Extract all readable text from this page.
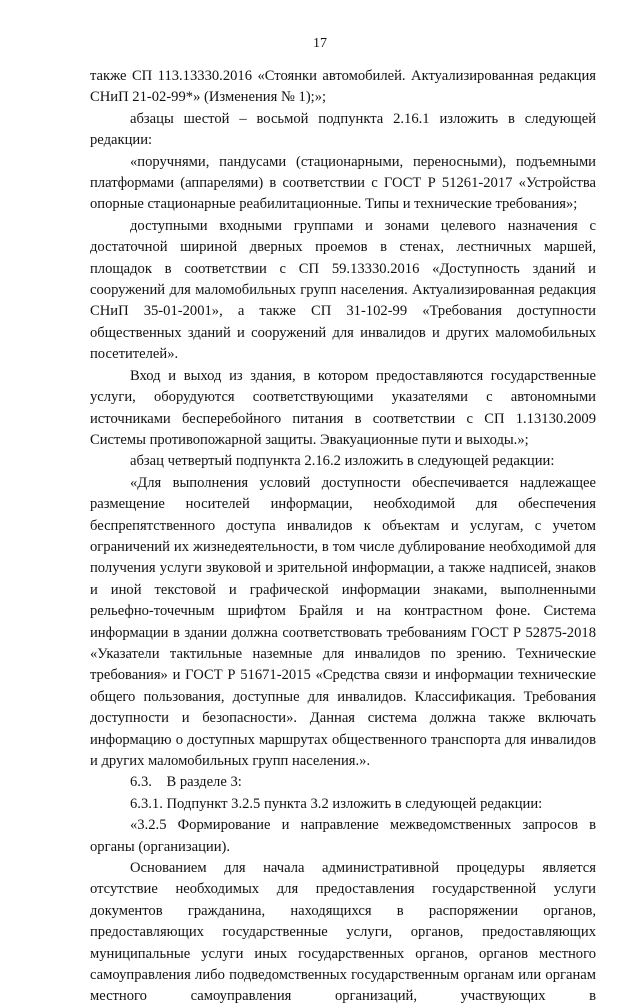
17

также СП 113.13330.2016 «Стоянки автомобилей. Актуализированная редакция СНиП 21-02-99*» (Изменения № 1);»;

абзацы шестой – восьмой подпункта 2.16.1 изложить в следующей редакции:

«поручнями, пандусами (стационарными, переносными), подъемными платформами (аппарелями) в соответствии с ГОСТ Р 51261-2017 «Устройства опорные стационарные реабилитационные. Типы и технические требования»;

доступными входными группами и зонами целевого назначения с достаточной шириной дверных проемов в стенах, лестничных маршей, площадок в соответствии с СП 59.13330.2016 «Доступность зданий и сооружений для маломобильных групп населения. Актуализированная редакция СНиП 35-01-2001», а также СП 31-102-99 «Требования доступности общественных зданий и сооружений для инвалидов и других маломобильных посетителей».

Вход и выход из здания, в котором предоставляются государственные услуги, оборудуются соответствующими указателями с автономными источниками бесперебойного питания в соответствии с СП 1.13130.2009 Системы противопожарной защиты. Эвакуационные пути и выходы.»;

абзац четвертый подпункта 2.16.2 изложить в следующей редакции:

«Для выполнения условий доступности обеспечивается надлежащее размещение носителей информации, необходимой для обеспечения беспрепятственного доступа инвалидов к объектам и услугам, с учетом ограничений их жизнедеятельности, в том числе дублирование необходимой для получения услуги звуковой и зрительной информации, а также надписей, знаков и иной текстовой и графической информации знаками, выполненными рельефно-точечным шрифтом Брайля и на контрастном фоне. Система информации в здании должна соответствовать требованиям ГОСТ Р 52875-2018 «Указатели тактильные наземные для инвалидов по зрению. Технические требования» и ГОСТ Р 51671-2015 «Средства связи и информации технические общего пользования, доступные для инвалидов. Классификация. Требования доступности и безопасности». Данная система должна также включать информацию о доступных маршрутах общественного транспорта для инвалидов и других маломобильных групп населения.».

6.3.    В разделе 3:

6.3.1. Подпункт 3.2.5 пункта 3.2 изложить в следующей редакции:

«3.2.5 Формирование и направление межведомственных запросов в органы (организации).

Основанием для начала административной процедуры является отсутствие необходимых для предоставления государственной услуги документов гражданина, находящихся в распоряжении органов, предоставляющих государственные услуги, органов, предоставляющих муниципальные услуги иных государственных органов, органов местного самоуправления либо подведомственных государственным органам или органам местного самоуправления организаций, участвующих в
